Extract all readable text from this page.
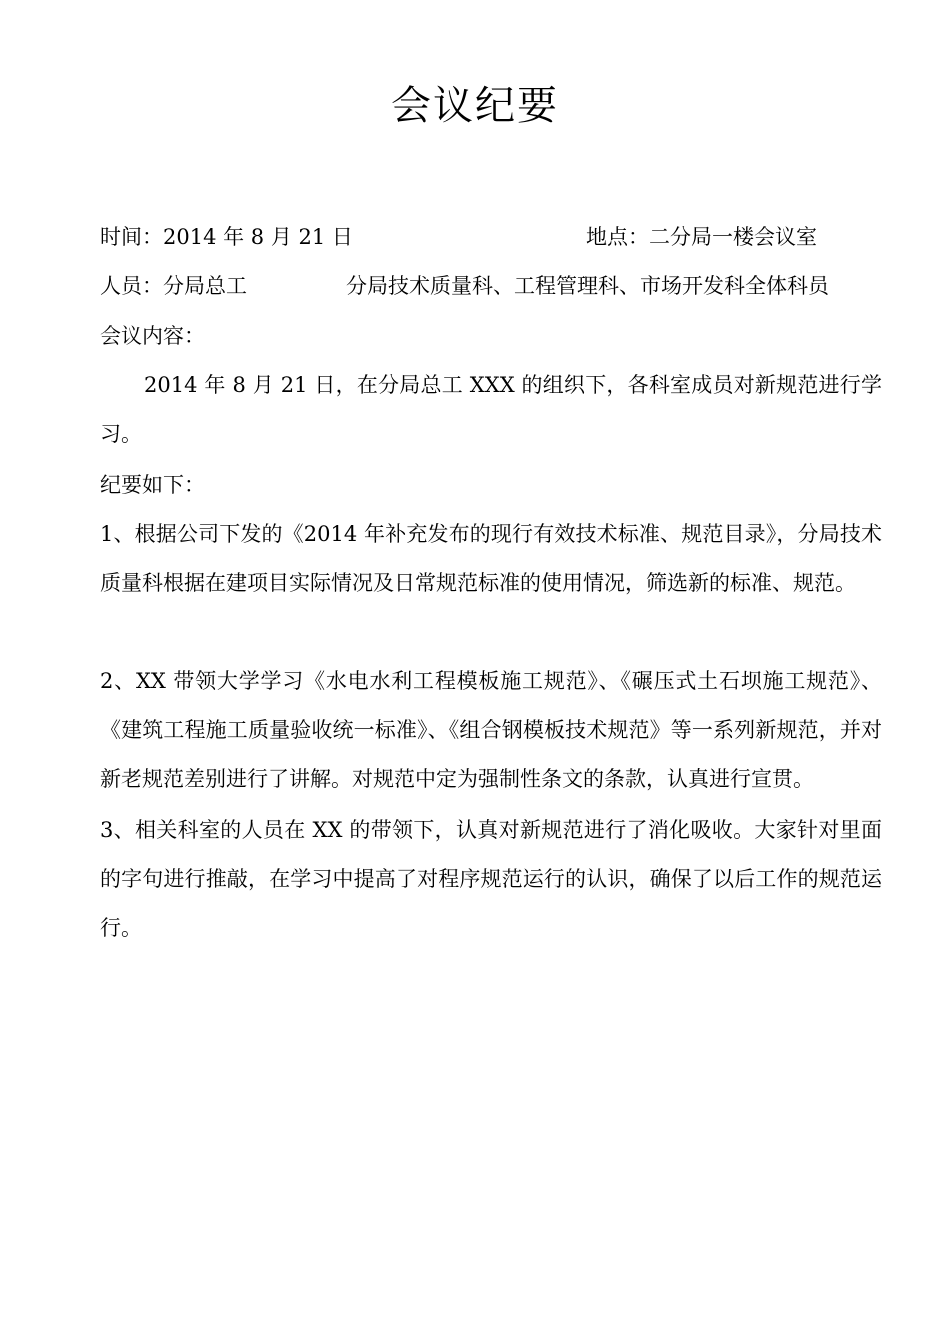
会议纪要
时间：2014 年 8 月 21 日	地点：二分局一楼会议室
人员：分局总工	分局技术质量科、工程管理科、市场开发科全体科员
会议内容：

2014 年 8 月 21 日，在分局总工 XXX 的组织下，各科室成员对新规范进行学习。

纪要如下：

1、根据公司下发的《2014 年补充发布的现行有效技术标准、规范目录》，分局技术质量科根据在建项目实际情况及日常规范标准的使用情况，筛选新的标准、规范。

2、XX 带领大学学习《水电水利工程模板施工规范》、《碾压式土石坝施工规范》、《建筑工程施工质量验收统一标准》、《组合钢模板技术规范》等一系列新规范，并对新老规范差别进行了讲解。对规范中定为强制性条文的条款，认真进行宣贯。

3、相关科室的人员在 XX 的带领下，认真对新规范进行了消化吸收。大家针对里面的字句进行推敲，在学习中提高了对程序规范运行的认识，确保了以后工作的规范运行。
